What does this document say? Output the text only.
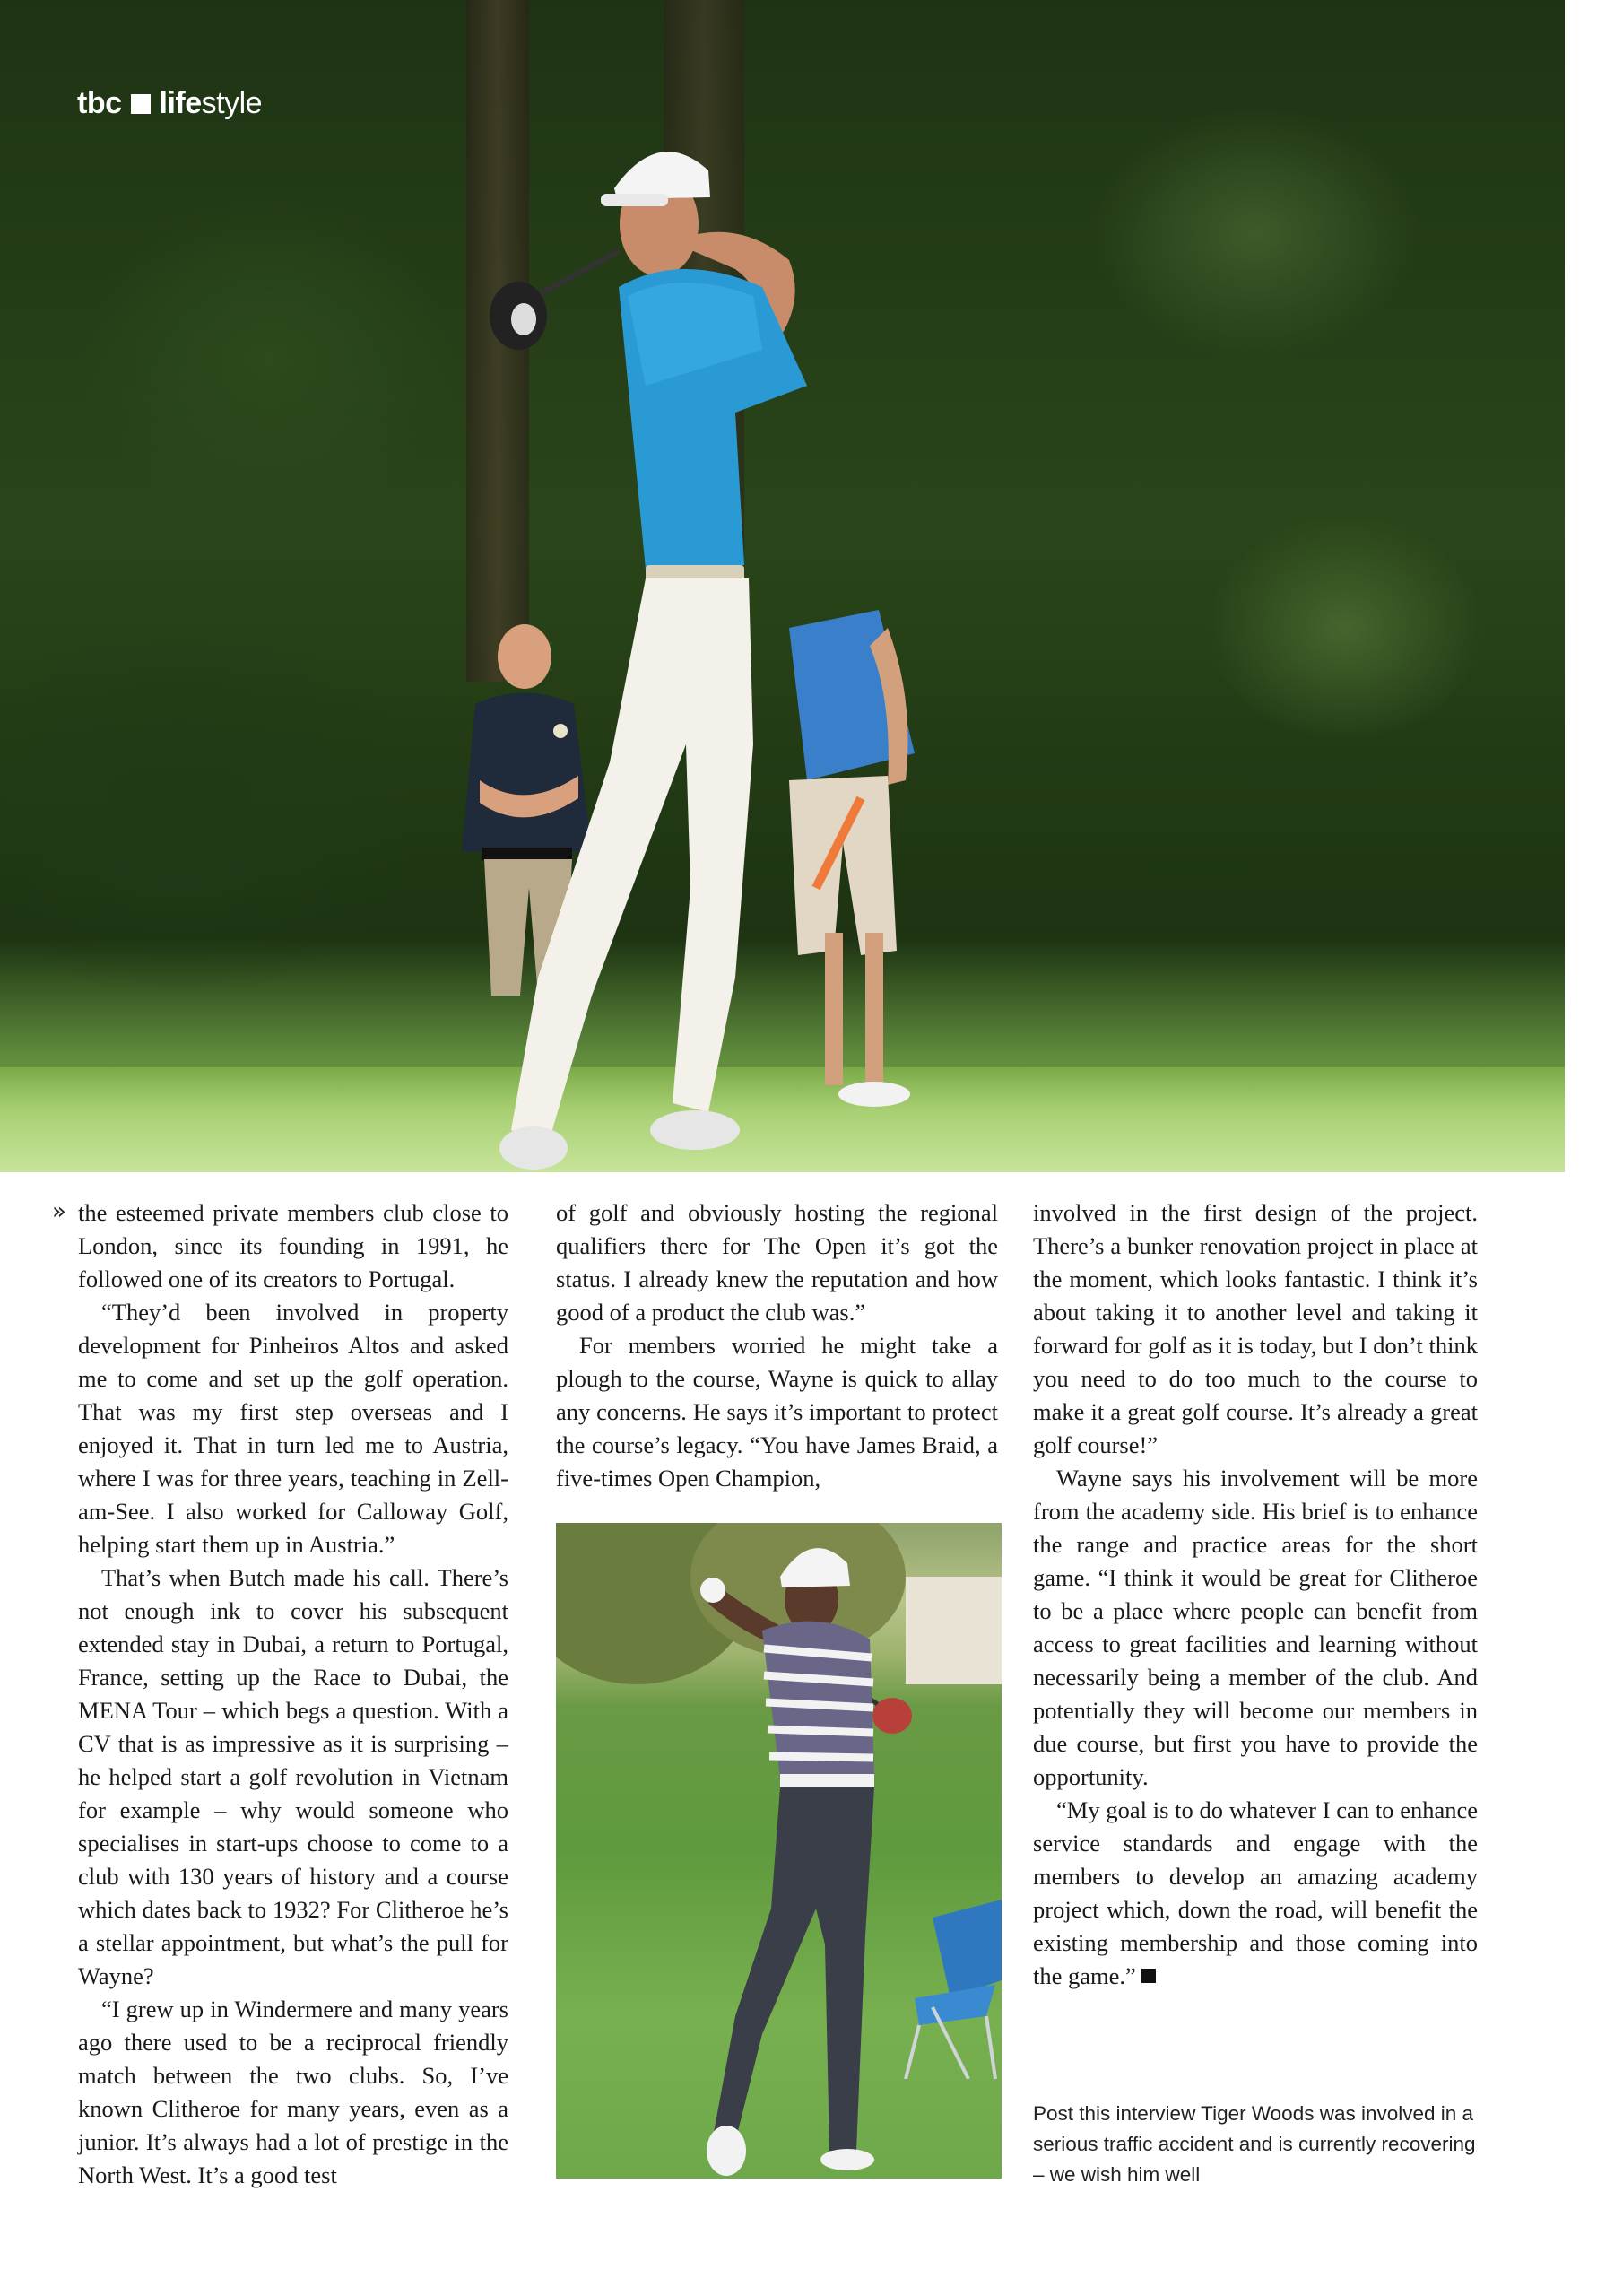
tbc lifestyle
» the esteemed private members club close to London, since its founding in 1991, he followed one of its creators to Portugal.

“They’d been involved in property development for Pinheiros Altos and asked me to come and set up the golf operation. That was my first step overseas and I enjoyed it. That in turn led me to Austria, where I was for three years, teaching in Zell-am-See. I also worked for Calloway Golf, helping start them up in Austria.”

That’s when Butch made his call. There’s not enough ink to cover his subsequent extended stay in Dubai, a return to Portugal, France, setting up the Race to Dubai, the MENA Tour – which begs a question. With a CV that is as impressive as it is surprising – he helped start a golf revolution in Vietnam for example – why would someone who specialises in start-ups choose to come to a club with 130 years of history and a course which dates back to 1932? For Clitheroe he’s a stellar appointment, but what’s the pull for Wayne?

“I grew up in Windermere and many years ago there used to be a reciprocal friendly match between the two clubs. So, I’ve known Clitheroe for many years, even as a junior. It’s always had a lot of prestige in the North West. It’s a good test

of golf and obviously hosting the regional qualifiers there for The Open it’s got the status. I already knew the reputation and how good of a product the club was.”

For members worried he might take a plough to the course, Wayne is quick to allay any concerns. He says it’s important to protect the course’s legacy. “You have James Braid, a five-times Open Champion,

involved in the first design of the project. There’s a bunker renovation project in place at the moment, which looks fantastic. I think it’s about taking it to another level and taking it forward for golf as it is today, but I don’t think you need to do too much to the course to make it a great golf course. It’s already a great golf course!”

Wayne says his involvement will be more from the academy side. His brief is to enhance the range and practice areas for the short game. “I think it would be great for Clitheroe to be a place where people can benefit from access to great facilities and learning without necessarily being a member of the club. And potentially they will become our members in due course, but first you have to provide the opportunity.

“My goal is to do whatever I can to enhance service standards and engage with the members to develop an amazing academy project which, down the road, will benefit the existing membership and those coming into the game.”

Post this interview Tiger Woods was involved in a serious traffic accident and is currently recovering – we wish him well
